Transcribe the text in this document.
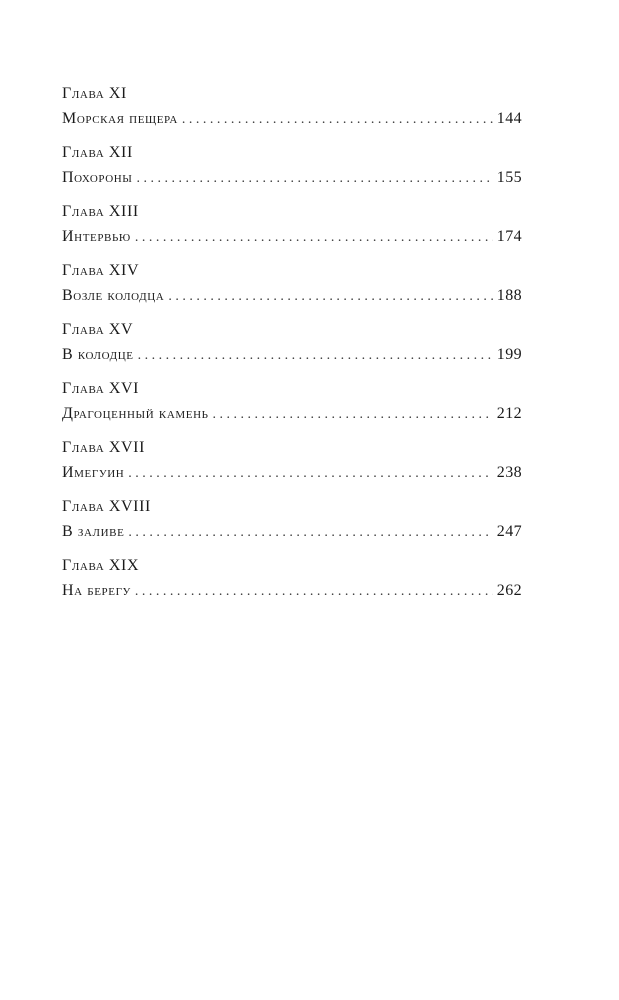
Глава XI
Морская пещера . . .	144
Глава XII
Похороны . . .	155
Глава XIII
Интервью . . .	174
Глава XIV
Возле колодца . . .	188
Глава XV
В колодце . . .	199
Глава XVI
Драгоценный камень . . .	212
Глава XVII
Имегуин . . .	238
Глава XVIII
В заливе . . .	247
Глава XIX
На берегу . . .	262
